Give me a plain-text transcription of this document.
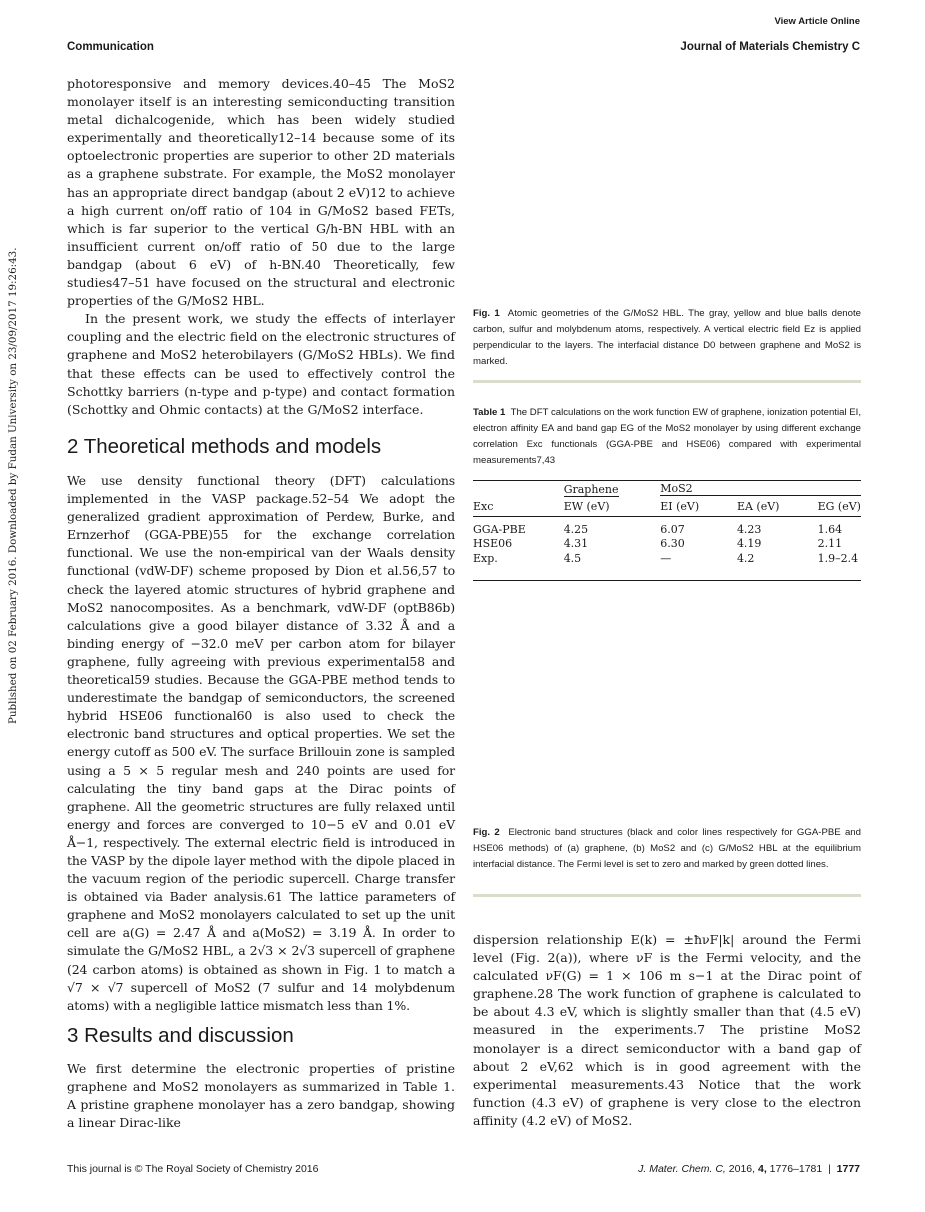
View Article Online
Communication	Journal of Materials Chemistry C
Published on 02 February 2016. Downloaded by Fudan University on 23/09/2017 19:26:43.

photoresponsive and memory devices.40–45 The MoS2 monolayer itself is an interesting semiconducting transition metal dichalcogenide, which has been widely studied experimentally and theoretically12–14 because some of its optoelectronic properties are superior to other 2D materials as a graphene substrate. For example, the MoS2 monolayer has an appropriate direct bandgap (about 2 eV)12 to achieve a high current on/off ratio of 104 in G/MoS2 based FETs, which is far superior to the vertical G/h-BN HBL with an insufficient current on/off ratio of 50 due to the large bandgap (about 6 eV) of h-BN.40 Theoretically, few studies47–51 have focused on the structural and electronic properties of the G/MoS2 HBL.

In the present work, we study the effects of interlayer coupling and the electric field on the electronic structures of graphene and MoS2 heterobilayers (G/MoS2 HBLs). We find that these effects can be used to effectively control the Schottky barriers (n-type and p-type) and contact formation (Schottky and Ohmic contacts) at the G/MoS2 interface.

2 Theoretical methods and models

We use density functional theory (DFT) calculations implemented in the VASP package.52–54 We adopt the generalized gradient approximation of Perdew, Burke, and Ernzerhof (GGA-PBE)55 for the exchange correlation functional. We use the non-empirical van der Waals density functional (vdW-DF) scheme proposed by Dion et al.56,57 to check the layered atomic structures of hybrid graphene and MoS2 nanocomposites. As a benchmark, vdW-DF (optB86b) calculations give a good bilayer distance of 3.32 Å and a binding energy of −32.0 meV per carbon atom for bilayer graphene, fully agreeing with previous experimental58 and theoretical59 studies. Because the GGA-PBE method tends to underestimate the bandgap of semiconductors, the screened hybrid HSE06 functional60 is also used to check the electronic band structures and optical properties. We set the energy cutoff as 500 eV. The surface Brillouin zone is sampled using a 5 × 5 regular mesh and 240 points are used for calculating the tiny band gaps at the Dirac points of graphene. All the geometric structures are fully relaxed until energy and forces are converged to 10−5 eV and 0.01 eV Å−1, respectively. The external electric field is introduced in the VASP by the dipole layer method with the dipole placed in the vacuum region of the periodic supercell. Charge transfer is obtained via Bader analysis.61 The lattice parameters of graphene and MoS2 monolayers calculated to set up the unit cell are a(G) = 2.47 Å and a(MoS2) = 3.19 Å. In order to simulate the G/MoS2 HBL, a 2√3 × 2√3 supercell of graphene (24 carbon atoms) is obtained as shown in Fig. 1 to match a √7 × √7 supercell of MoS2 (7 sulfur and 14 molybdenum atoms) with a negligible lattice mismatch less than 1%.

3 Results and discussion

We first determine the electronic properties of pristine graphene and MoS2 monolayers as summarized in Table 1. A pristine graphene monolayer has a zero bandgap, showing a linear Dirac-like

Fig. 1 Atomic geometries of the G/MoS2 HBL. The gray, yellow and blue balls denote carbon, sulfur and molybdenum atoms, respectively. A vertical electric field Ez is applied perpendicular to the layers. The interfacial distance D0 between graphene and MoS2 is marked.
Table 1 The DFT calculations on the work function EW of graphene, ionization potential EI, electron affinity EA and band gap EG of the MoS2 monolayer by using different exchange correlation Exc functionals (GGA-PBE and HSE06) compared with experimental measurements7,43
	Graphene	MoS2		

Exc	EW (eV)	EI (eV)	EA (eV)	EG (eV)
GGA-PBE	4.25	6.07	4.23	1.64
HSE06	4.31	6.30	4.19	2.11
Exp.	4.5	—	4.2	1.9–2.4
Fig. 2 Electronic band structures (black and color lines respectively for GGA-PBE and HSE06 methods) of (a) graphene, (b) MoS2 and (c) G/MoS2 HBL at the equilibrium interfacial distance. The Fermi level is set to zero and marked by green dotted lines.

dispersion relationship E(k) = ±ħνF|k| around the Fermi level (Fig. 2(a)), where νF is the Fermi velocity, and the calculated νF(G) = 1 × 106 m s−1 at the Dirac point of graphene.28 The work function of graphene is calculated to be about 4.3 eV, which is slightly smaller than that (4.5 eV) measured in the experiments.7 The pristine MoS2 monolayer is a direct semiconductor with a band gap of about 2 eV,62 which is in good agreement with the experimental measurements.43 Notice that the work function (4.3 eV) of graphene is very close to the electron affinity (4.2 eV) of MoS2.

This journal is © The Royal Society of Chemistry 2016	J. Mater. Chem. C, 2016, 4, 1776–1781  |  1777
